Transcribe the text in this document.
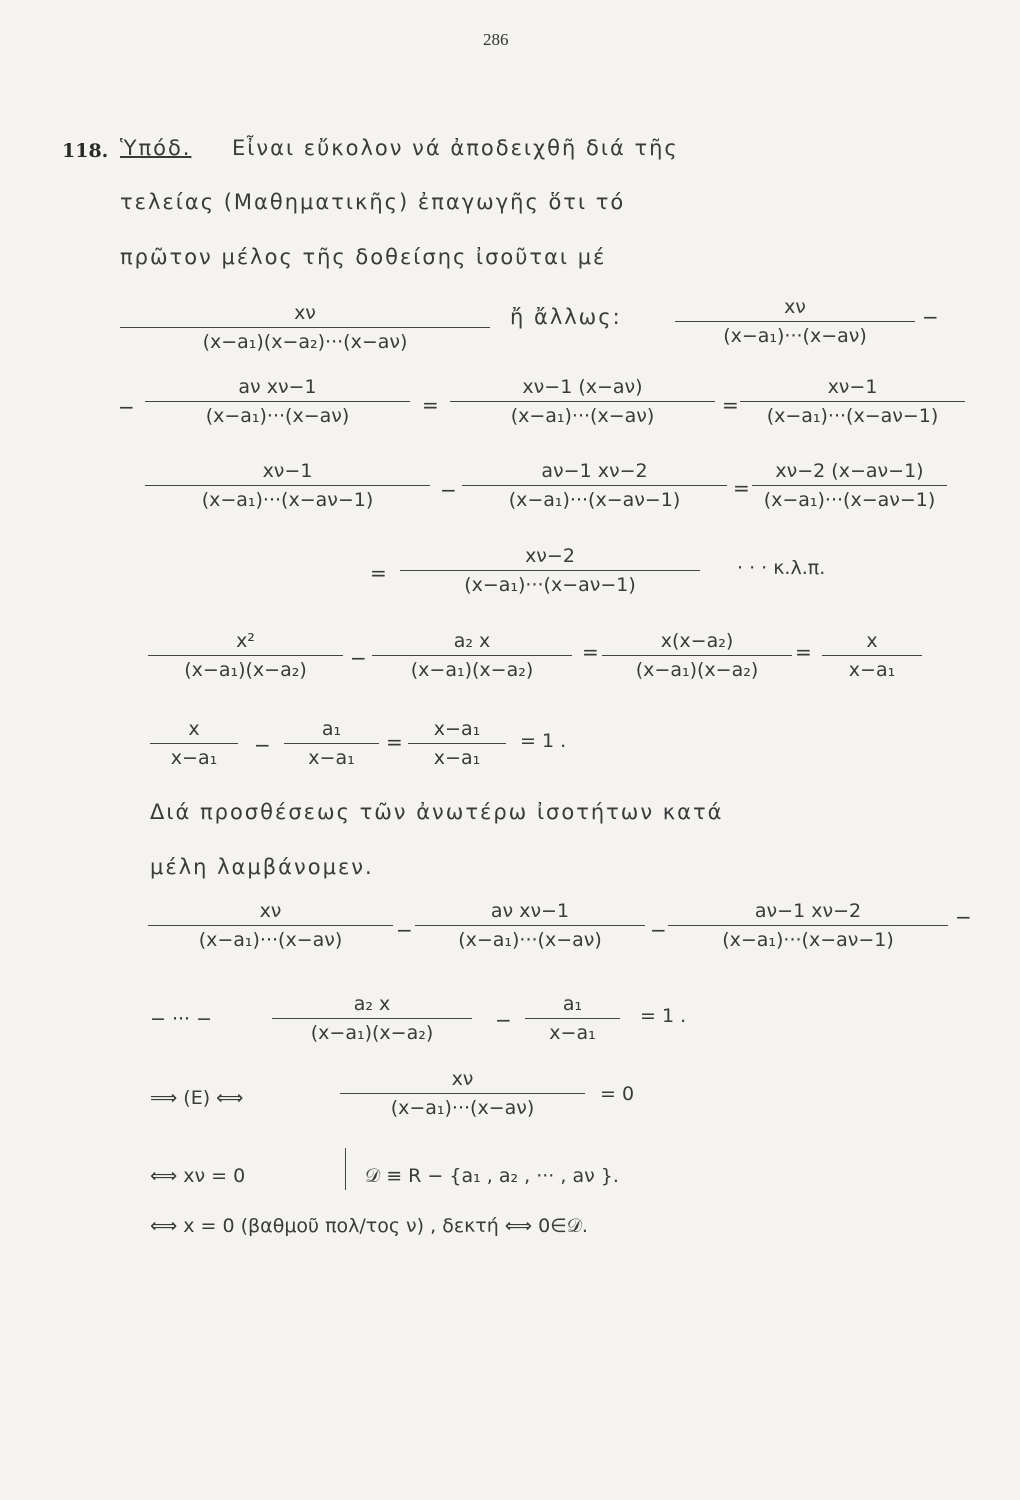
286
118. Ὑπόδ. Εἶναι εὔκολον νά ἀποδειχθῆ διά τῆς
τελείας (Μαθηματικῆς) ἐπαγωγῆς ὅτι τό
πρῶτον μέλος τῆς δοθείσης ἰσοῦται μέ
xν
(x−a₁)(x−a₂)···(x−aν)
ἤ ἄλλως:	xν
(x−a₁)···(x−aν)
−
−
aν xν−1
(x−a₁)···(x−aν)	=
xν−1 (x−aν)
(x−a₁)···(x−aν)	=
xν−1
(x−a₁)···(x−aν−1)
xν−1
(x−a₁)···(x−aν−1)	−
aν−1 xν−2
(x−a₁)···(x−aν−1)	=
xν−2 (x−aν−1)
(x−a₁)···(x−aν−1)
=
xν−2
(x−a₁)···(x−aν−1)
· · · κ.λ.π.
x²
(x−a₁)(x−a₂) −
a₂ x
(x−a₁)(x−a₂)
=	x(x−a₂)
(x−a₁)(x−a₂)
=	x
x−a₁
x
x−a₁
−
a₁
x−a₁
=
x−a₁
x−a₁
= 1 .
Διά προσθέσεως τῶν ἀνωτέρω ἰσοτήτων κατά
μέλη λαμβάνομεν.
xν
(x−a₁)···(x−aν)	−
aν xν−1
(x−a₁)···(x−aν) −
aν−1 xν−2
(x−a₁)···(x−aν−1)
−
− ··· −
a₂ x
(x−a₁)(x−a₂)
−
a₁
x−a₁
= 1 .
⟹ (E) ⟺
xν
(x−a₁)···(x−aν)
= 0
⟺ xν = 0	𝒟 ≡ R − {a₁ , a₂ , ··· , aν }.
⟺ x = 0 (βαθμοῦ πολ/τος ν) , δεκτή ⟺ 0∈𝒟.
